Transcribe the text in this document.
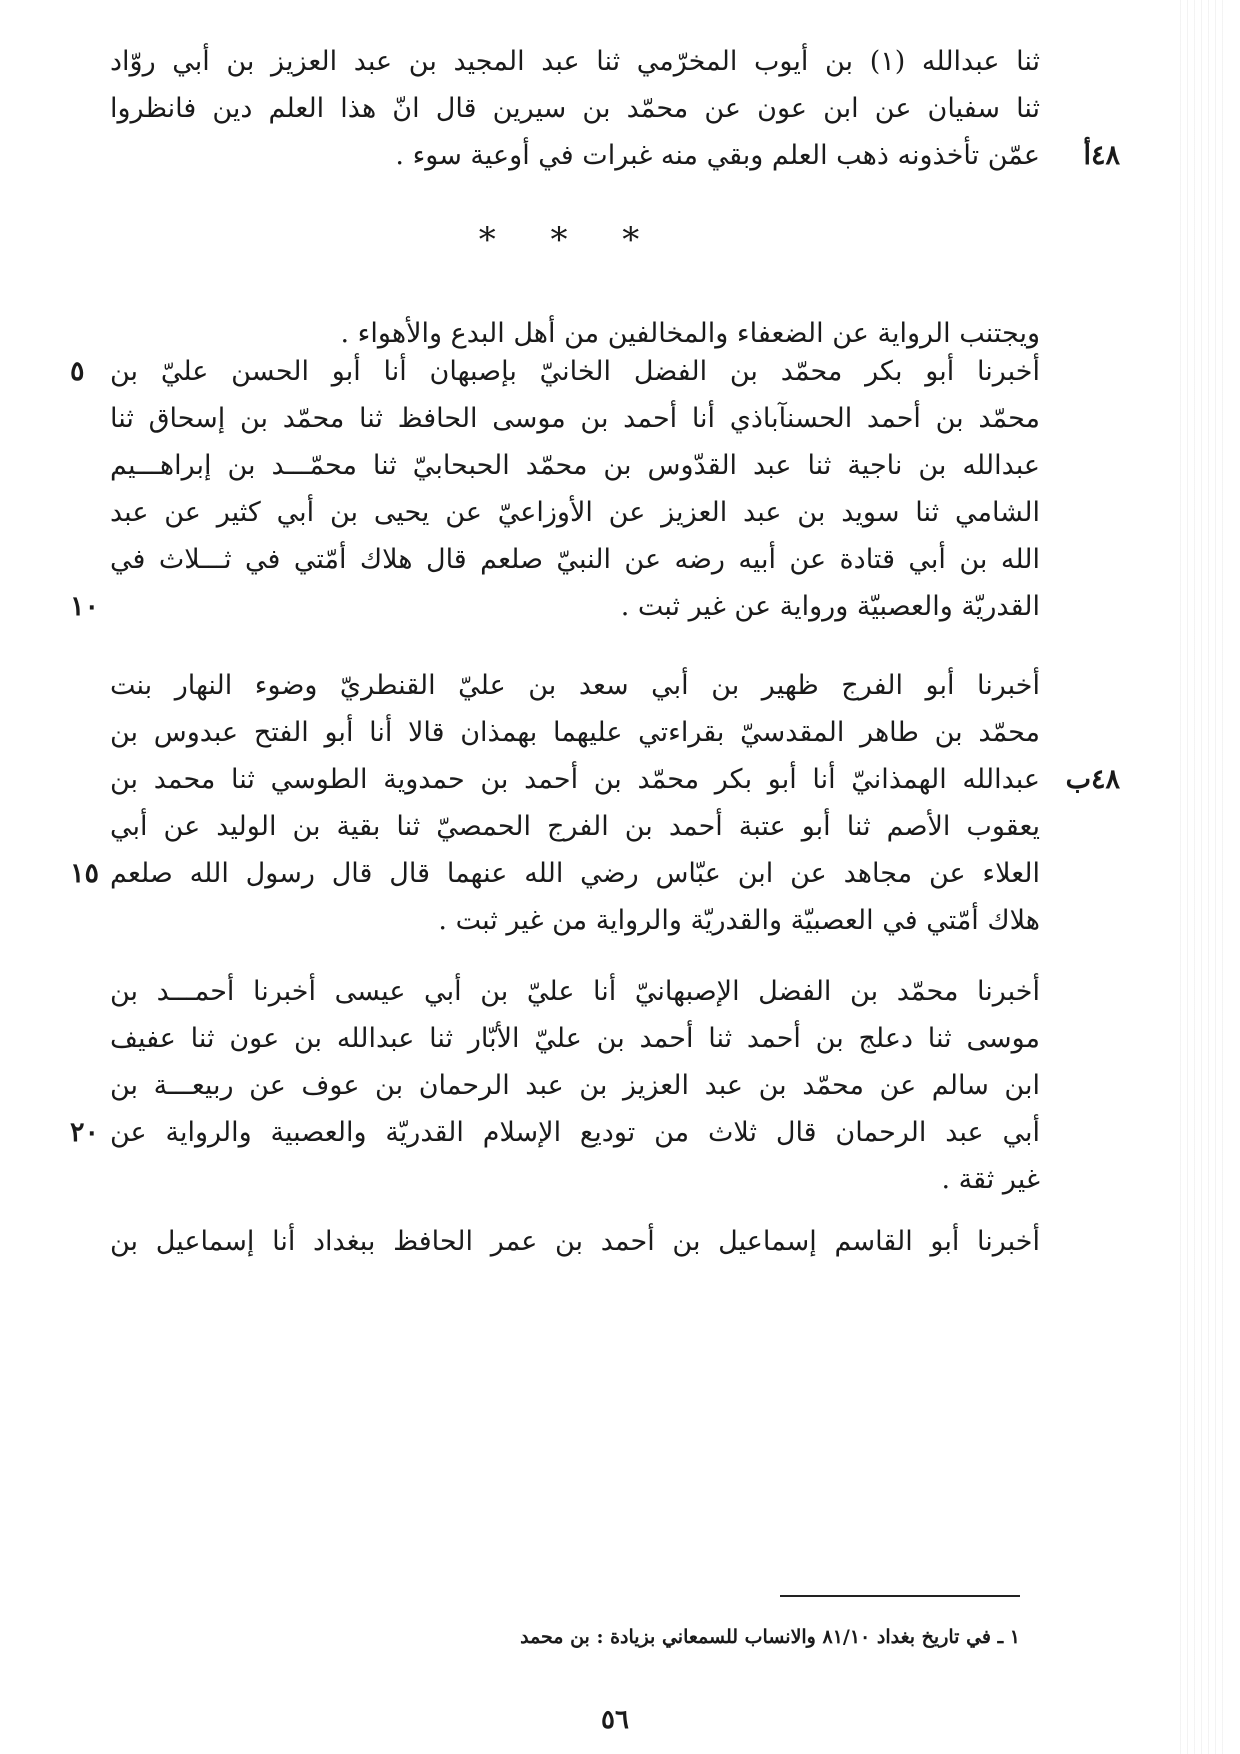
ثنا عبدالله (١) بن أيوب المخرّمي ثنا عبد المجيد بن عبد العزيز بن أبي روّاد
ثنا سفيان عن ابن عون عن محمّد بن سيرين قال انّ هذا العلم دين فانظروا
عمّن تأخذونه ذهب العلم وبقي منه غبرات في أوعية سوء .	٤٨أ
* * *
ويجتنب الرواية عن الضعفاء والمخالفين من أهل البدع والأهواء .
أخبرنا أبو بكر محمّد بن الفضل الخانيّ بإصبهان أنا أبو الحسن عليّ بن
محمّد بن أحمد الحسنآباذي أنا أحمد بن موسى الحافظ ثنا محمّد بن إسحاق ثنا
عبدالله بن ناجية ثنا عبد القدّوس بن محمّد الحبحابيّ ثنا محمّـــد بن إبراهـــيم
الشامي ثنا سويد بن عبد العزيز عن الأوزاعيّ عن يحيى بن أبي كثير عن عبد
الله بن أبي قتادة عن أبيه رضه عن النبيّ صلعم قال هلاك أمّتي في ثـــلاث في
القدريّة والعصبيّة ورواية عن غير ثبت .
٥
١٠
أخبرنا أبو الفرج ظهير بن أبي سعد بن عليّ القنطريّ وضوء النهار بنت
محمّد بن طاهر المقدسيّ بقراءتي عليهما بهمذان قالا أنا أبو الفتح عبدوس بن
عبدالله الهمذانيّ أنا أبو بكر محمّد بن أحمد بن حمدوية الطوسي ثنا محمد بن
يعقوب الأصم ثنا أبو عتبة أحمد بن الفرج الحمصيّ ثنا بقية بن الوليد عن أبي
العلاء عن مجاهد عن ابن عبّاس رضي الله عنهما قال قال رسول الله صلعم
هلاك أمّتي في العصبيّة والقدريّة والرواية من غير ثبت .
٤٨ب
١٥
أخبرنا محمّد بن الفضل الإصبهانيّ أنا عليّ بن أبي عيسى أخبرنا أحمـــد بن
موسى ثنا دعلج بن أحمد ثنا أحمد بن عليّ الأبّار ثنا عبدالله بن عون ثنا عفيف
ابن سالم عن محمّد بن عبد العزيز بن عبد الرحمان بن عوف عن ربيعـــة بن
أبي عبد الرحمان قال ثلاث من توديع الإسلام القدريّة والعصبية والرواية عن
غير ثقة .
٢٠
أخبرنا أبو القاسم إسماعيل بن أحمد بن عمر الحافظ ببغداد أنا إسماعيل بن
١ ـ في تاريخ بغداد ٨١/١٠ والانساب للسمعاني بزيادة : بن محمد
٥٦
